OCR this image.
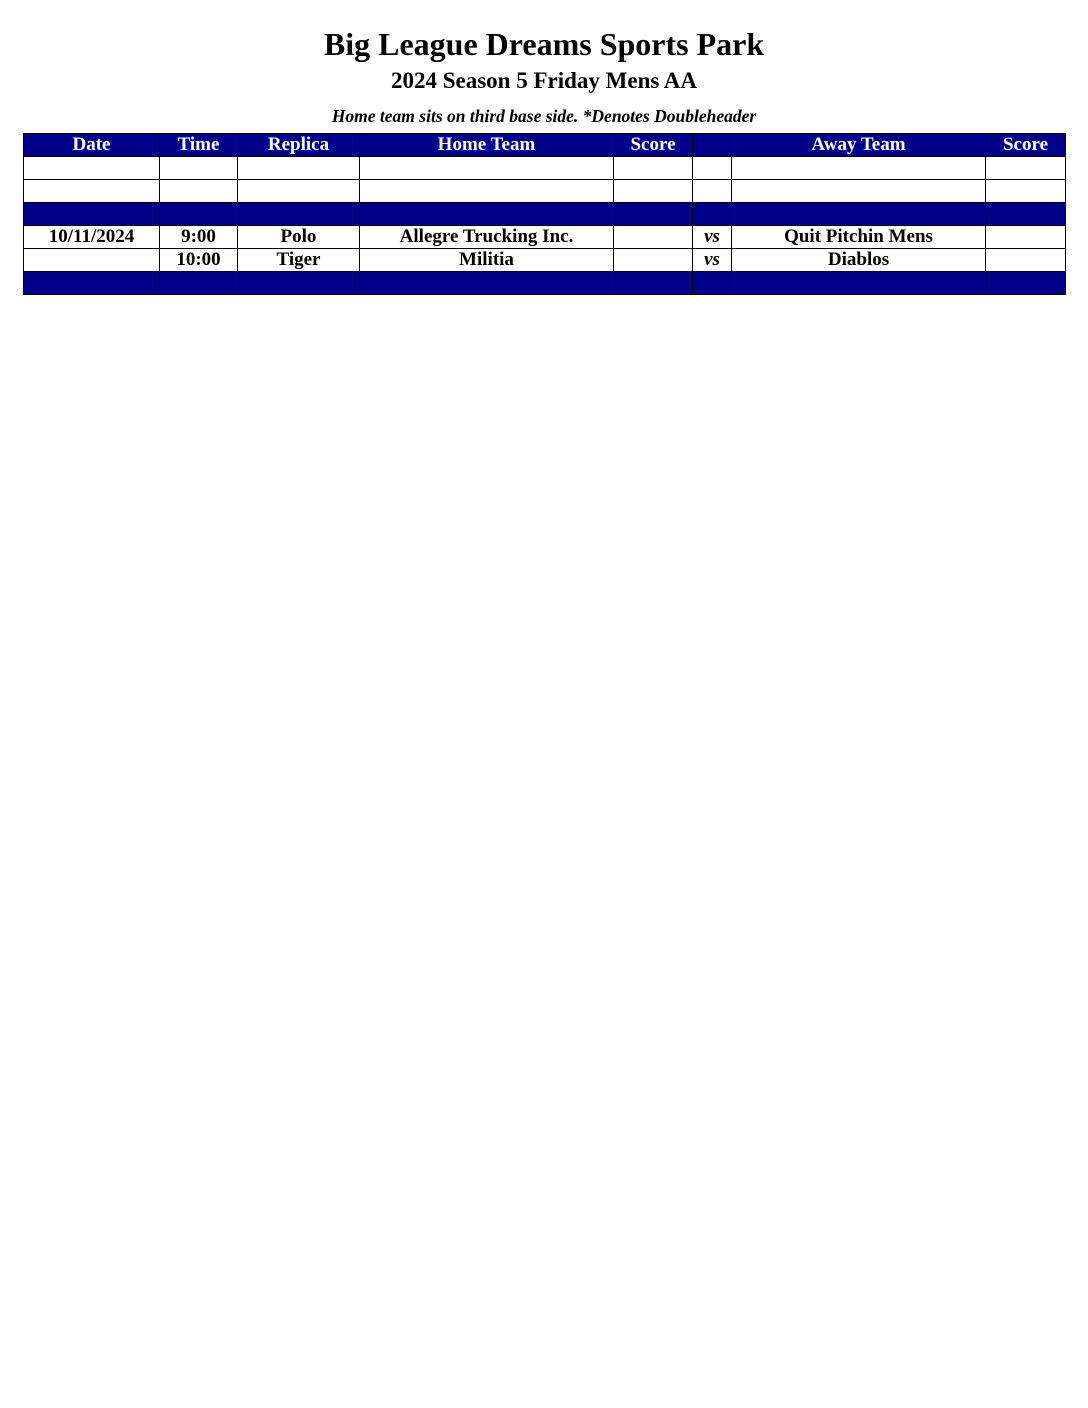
Big League Dreams Sports Park
2024 Season 5 Friday Mens AA
Home team sits on third base side. *Denotes Doubleheader
Date	Time	Replica	Home Team	Score		Away Team	Score

10/11/2024	9:00	Polo	Allegre Trucking Inc.		vs	Quit Pitchin Mens	
	10:00	Tiger	Militia		vs	Diablos	
